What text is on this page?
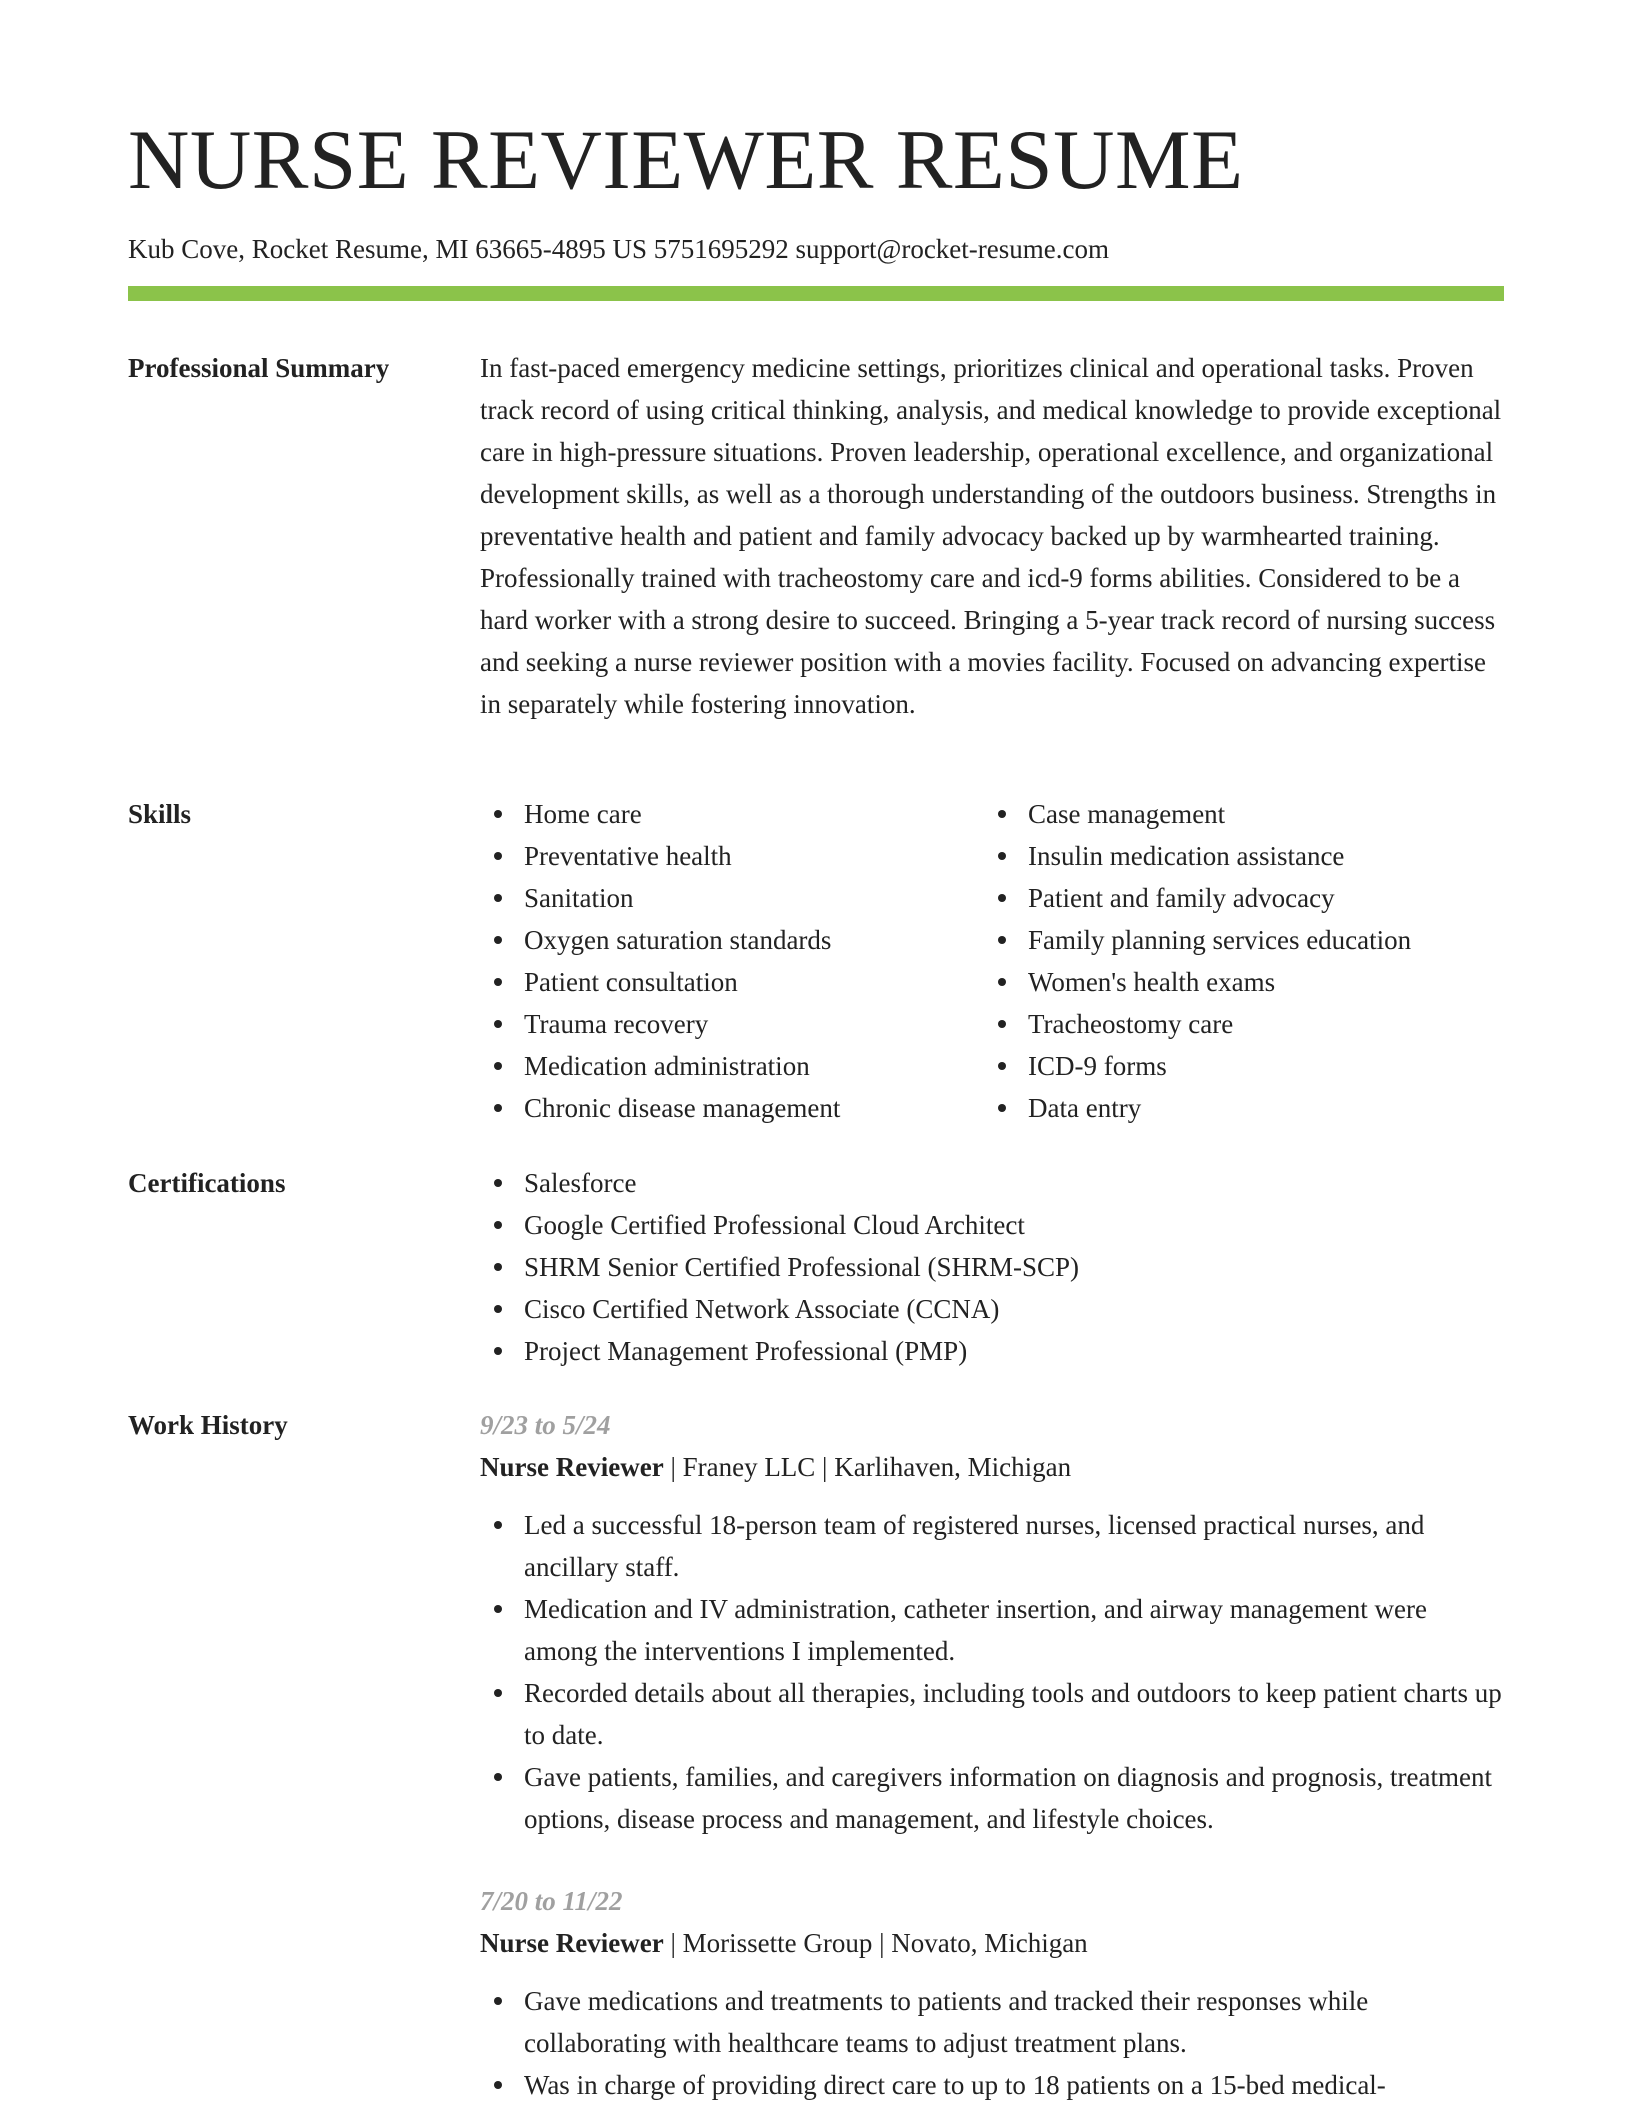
NURSE REVIEWER RESUME
Kub Cove, Rocket Resume, MI 63665-4895 US 5751695292 support@rocket-resume.com
Professional Summary	In fast-paced emergency medicine settings, prioritizes clinical and operational tasks. Proven track record of using critical thinking, analysis, and medical knowledge to provide exceptional care in high-pressure situations. Proven leadership, operational excellence, and organizational development skills, as well as a thorough understanding of the outdoors business. Strengths in preventative health and patient and family advocacy backed up by warmhearted training. Professionally trained with tracheostomy care and icd-9 forms abilities. Considered to be a hard worker with a strong desire to succeed. Bringing a 5-year track record of nursing success and seeking a nurse reviewer position with a movies facility. Focused on advancing expertise in separately while fostering innovation.

Skills	Home care
Preventative health
Sanitation
Oxygen saturation standards
Patient consultation
Trauma recovery
Medication administration
Chronic disease management
Case management
Insulin medication assistance
Patient and family advocacy
Family planning services education
Women's health exams
Tracheostomy care
ICD-9 forms
Data entry
Certifications	Salesforce
Google Certified Professional Cloud Architect
SHRM Senior Certified Professional (SHRM-SCP)
Cisco Certified Network Associate (CCNA)
Project Management Professional (PMP)
Work History	9/23 to 5/24
Nurse Reviewer | Franey LLC | Karlihaven, Michigan
Led a successful 18-person team of registered nurses, licensed practical nurses, and ancillary staff.
Medication and IV administration, catheter insertion, and airway management were among the interventions I implemented.
Recorded details about all therapies, including tools and outdoors to keep patient charts up to date.
Gave patients, families, and caregivers information on diagnosis and prognosis, treatment options, disease process and management, and lifestyle choices.
7/20 to 11/22
Nurse Reviewer | Morissette Group | Novato, Michigan
Gave medications and treatments to patients and tracked their responses while collaborating with healthcare teams to adjust treatment plans.
Was in charge of providing direct care to up to 18 patients on a 15-bed medical-
